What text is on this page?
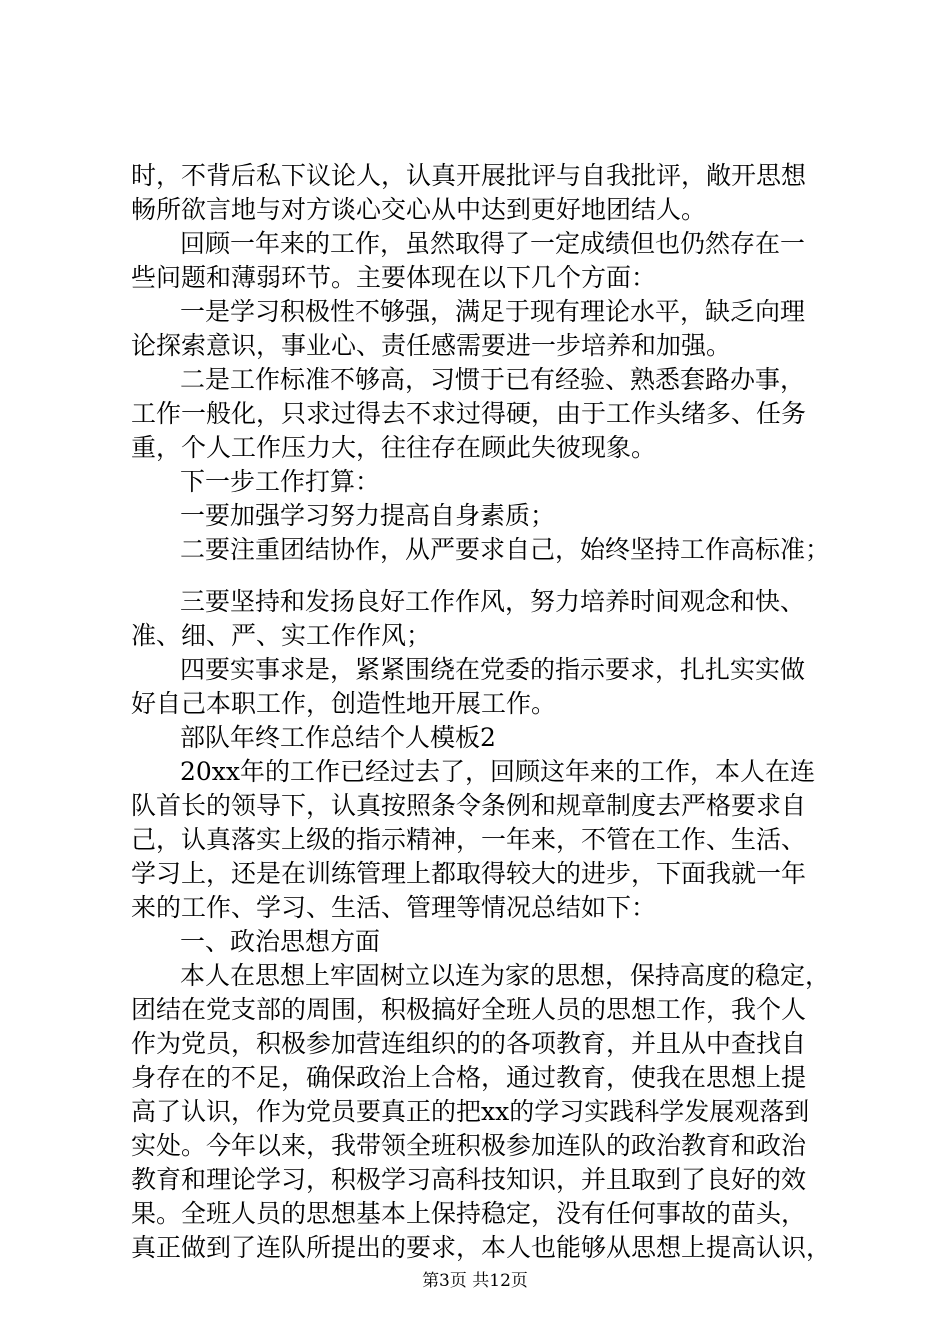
时，不背后私下议论人，认真开展批评与自我批评，敞开思想
畅所欲言地与对方谈心交心从中达到更好地团结人。
回顾一年来的工作，虽然取得了一定成绩但也仍然存在一
些问题和薄弱环节。主要体现在以下几个方面：
一是学习积极性不够强，满足于现有理论水平，缺乏向理
论探索意识，事业心、责任感需要进一步培养和加强。
二是工作标准不够高，习惯于已有经验、熟悉套路办事，
工作一般化，只求过得去不求过得硬，由于工作头绪多、任务
重，个人工作压力大，往往存在顾此失彼现象。
下一步工作打算：
一要加强学习努力提高自身素质；
二要注重团结协作，从严要求自己，始终坚持工作高标准；
三要坚持和发扬良好工作作风，努力培养时间观念和快、
准、细、严、实工作作风；
四要实事求是，紧紧围绕在党委的指示要求，扎扎实实做
好自己本职工作，创造性地开展工作。
部队年终工作总结个人模板2
20xx年的工作已经过去了，回顾这年来的工作，本人在连
队首长的领导下，认真按照条令条例和规章制度去严格要求自
己，认真落实上级的指示精神，一年来，不管在工作、生活、
学习上，还是在训练管理上都取得较大的进步，下面我就一年
来的工作、学习、生活、管理等情况总结如下：
一、政治思想方面
本人在思想上牢固树立以连为家的思想，保持高度的稳定，
团结在党支部的周围，积极搞好全班人员的思想工作，我个人
作为党员，积极参加营连组织的的各项教育，并且从中查找自
身存在的不足，确保政治上合格，通过教育，使我在思想上提
高了认识，作为党员要真正的把xx的学习实践科学发展观落到
实处。今年以来，我带领全班积极参加连队的政治教育和政治
教育和理论学习，积极学习高科技知识，并且取到了良好的效
果。全班人员的思想基本上保持稳定，没有任何事故的苗头，
真正做到了连队所提出的要求，本人也能够从思想上提高认识，
第3页 共12页
